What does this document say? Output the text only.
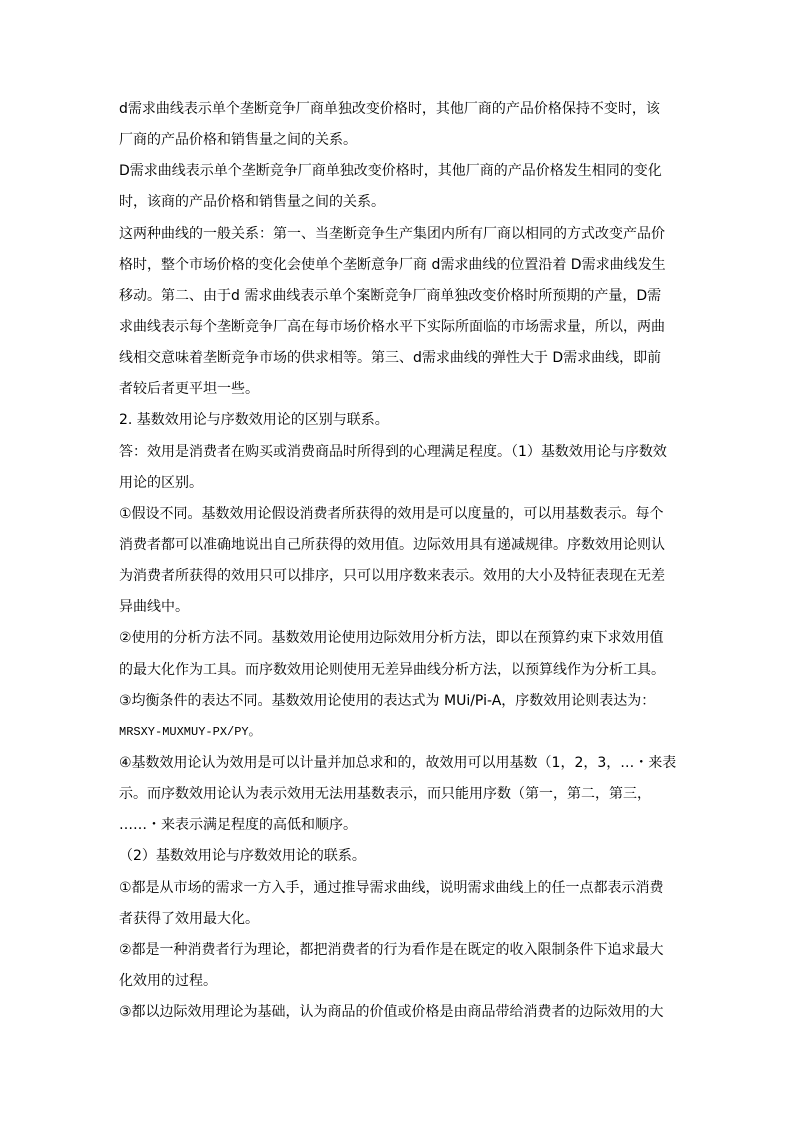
d需求曲线表示单个垄断竞争厂商单独改变价格时，其他厂商的产品价格保持不变时，该
厂商的产品价格和销售量之间的关系。
D需求曲线表示单个垄断竞争厂商单独改变价格时，其他厂商的产品价格发生相同的变化
时，该商的产品价格和销售量之间的关系。
这两种曲线的一般关系：第一、当垄断竞争生产集团内所有厂商以相同的方式改变产品价
格时，整个市场价格的变化会使单个垄断意争厂商 d需求曲线的位置沿着 D需求曲线发生
移动。第二、由于d 需求曲线表示单个案断竞争厂商单独改变价格时所预期的产量，D需
求曲线表示每个垄断竞争厂高在每市场价格水平下实际所面临的市场需求量，所以，两曲
线相交意味着垄断竞争市场的供求相等。第三、d需求曲线的弹性大于 D需求曲线，即前
者较后者更平坦一些。
2. 基数效用论与序数效用论的区别与联系。
答：效用是消费者在购买或消费商品时所得到的心理满足程度。（1）基数效用论与序数效
用论的区别。
①假设不同。基数效用论假设消费者所获得的效用是可以度量的，可以用基数表示。每个
消费者都可以准确地说出自己所获得的效用值。边际效用具有递减规律。序数效用论则认
为消费者所获得的效用只可以排序，只可以用序数来表示。效用的大小及特征表现在无差
异曲线中。
②使用的分析方法不同。基数效用论使用边际效用分析方法，即以在预算约束下求效用值
的最大化作为工具。而序数效用论则使用无差异曲线分析方法，以预算线作为分析工具。
③均衡条件的表达不同。基数效用论使用的表达式为 MUi/Pi-A，序数效用论则表达为：
MRSXY-MUXMUY-PX/PY。
④基数效用论认为效用是可以计量并加总求和的，故效用可以用基数（1，2，3，…・来表
示。而序数效用论认为表示效用无法用基数表示，而只能用序数（第一，第二，第三，
……・来表示满足程度的高低和顺序。
（2）基数效用论与序数效用论的联系。
①都是从市场的需求一方入手，通过推导需求曲线，说明需求曲线上的任一点都表示消费
者获得了效用最大化。
②都是一种消费者行为理论，都把消费者的行为看作是在既定的收入限制条件下追求最大
化效用的过程。
③都以边际效用理论为基础，认为商品的价值或价格是由商品带给消费者的边际效用的大
